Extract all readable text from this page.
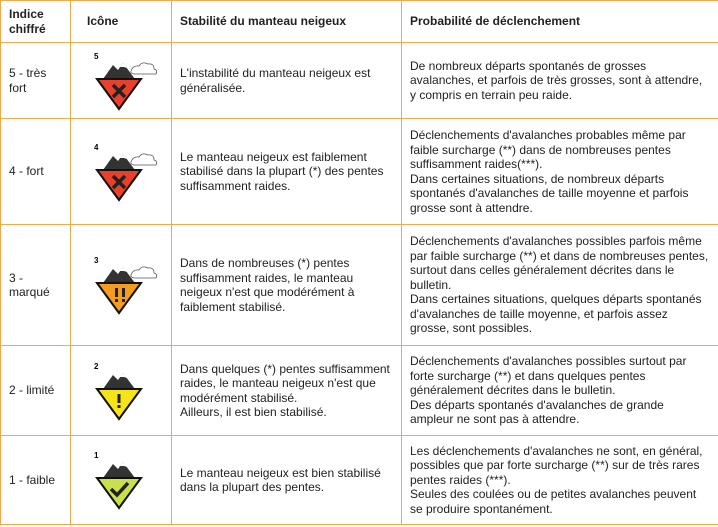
Indice chiffré	Icône	Stabilité du manteau neigeux	Probabilité de déclenchement
5 - très fort	5	L'instabilité du manteau neigeux est généralisée.	De nombreux départs spontanés de grosses avalanches, et parfois de très grosses, sont à attendre, y compris en terrain peu raide.
4 - fort	4	Le manteau neigeux est faiblement stabilisé dans la plupart (*) des pentes suffisamment raides.	Déclenchements d'avalanches probables même par faible surcharge (**) dans de nombreuses pentes suffisamment raides(***).
Dans certaines situations, de nombreux départs spontanés d'avalanches de taille moyenne et parfois grosse sont à attendre.
3 - marqué	3	Dans de nombreuses (*) pentes suffisamment raides, le manteau neigeux n'est que modérément à faiblement stabilisé.	Déclenchements d'avalanches possibles parfois même par faible surcharge (**) et dans de nombreuses pentes, surtout dans celles généralement décrites dans le bulletin.
Dans certaines situations, quelques départs spontanés d'avalanches de taille moyenne, et parfois assez grosse, sont possibles.
2 - limité	2	Dans quelques (*) pentes suffisamment raides, le manteau neigeux n'est que modérément stabilisé.
Ailleurs, il est bien stabilisé.	Déclenchements d'avalanches possibles surtout par forte surcharge (**) et dans quelques pentes généralement décrites dans le bulletin.
Des départs spontanés d'avalanches de grande ampleur ne sont pas à attendre.
1 - faible	1	Le manteau neigeux est bien stabilisé dans la plupart des pentes.	Les déclenchements d'avalanches ne sont, en général, possibles que par forte surcharge (**) sur de très rares pentes raides (***).
Seules des coulées ou de petites avalanches peuvent se produire spontanément.
